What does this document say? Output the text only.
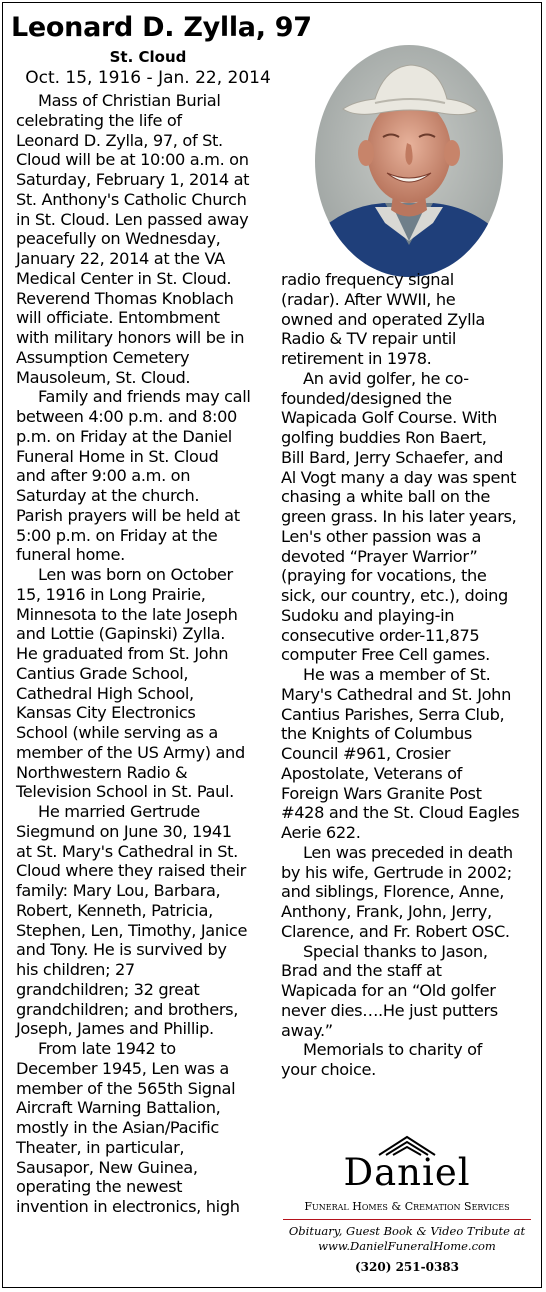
Leonard D. Zylla, 97
St. Cloud
Oct. 15, 1916 - Jan. 22, 2014
Mass of Christian Burial
celebrating the life of
Leonard D. Zylla, 97, of St.
Cloud will be at 10:00 a.m. on
Saturday, February 1, 2014 at
St. Anthony's Catholic Church
in St. Cloud. Len passed away
peacefully on Wednesday,
January 22, 2014 at the VA
Medical Center in St. Cloud.
Reverend Thomas Knoblach
will officiate. Entombment
with military honors will be in
Assumption Cemetery
Mausoleum, St. Cloud.
Family and friends may call
between 4:00 p.m. and 8:00
p.m. on Friday at the Daniel
Funeral Home in St. Cloud
and after 9:00 a.m. on
Saturday at the church.
Parish prayers will be held at
5:00 p.m. on Friday at the
funeral home.
Len was born on October
15, 1916 in Long Prairie,
Minnesota to the late Joseph
and Lottie (Gapinski) Zylla.
He graduated from St. John
Cantius Grade School,
Cathedral High School,
Kansas City Electronics
School (while serving as a
member of the US Army) and
Northwestern Radio &
Television School in St. Paul.
He married Gertrude
Siegmund on June 30, 1941
at St. Mary's Cathedral in St.
Cloud where they raised their
family: Mary Lou, Barbara,
Robert, Kenneth, Patricia,
Stephen, Len, Timothy, Janice
and Tony. He is survived by
his children; 27
grandchildren; 32 great
grandchildren; and brothers,
Joseph, James and Phillip.
From late 1942 to
December 1945, Len was a
member of the 565th Signal
Aircraft Warning Battalion,
mostly in the Asian/Pacific
Theater, in particular,
Sausapor, New Guinea,
operating the newest
invention in electronics, high
radio frequency signal
(radar). After WWII, he
owned and operated Zylla
Radio & TV repair until
retirement in 1978.
An avid golfer, he co-
founded/designed the
Wapicada Golf Course. With
golfing buddies Ron Baert,
Bill Bard, Jerry Schaefer, and
Al Vogt many a day was spent
chasing a white ball on the
green grass. In his later years,
Len's other passion was a
devoted “Prayer Warrior”
(praying for vocations, the
sick, our country, etc.), doing
Sudoku and playing-in
consecutive order-11,875
computer Free Cell games.
He was a member of St.
Mary's Cathedral and St. John
Cantius Parishes, Serra Club,
the Knights of Columbus
Council #961, Crosier
Apostolate, Veterans of
Foreign Wars Granite Post
#428 and the St. Cloud Eagles
Aerie 622.
Len was preceded in death
by his wife, Gertrude in 2002;
and siblings, Florence, Anne,
Anthony, Frank, John, Jerry,
Clarence, and Fr. Robert OSC.
Special thanks to Jason,
Brad and the staff at
Wapicada for an “Old golfer
never dies….He just putters
away.”
Memorials to charity of
your choice.
Daniel
Funeral Homes & Cremation Services
Obituary, Guest Book & Video Tribute at
www.DanielFuneralHome.com
(320) 251-0383
